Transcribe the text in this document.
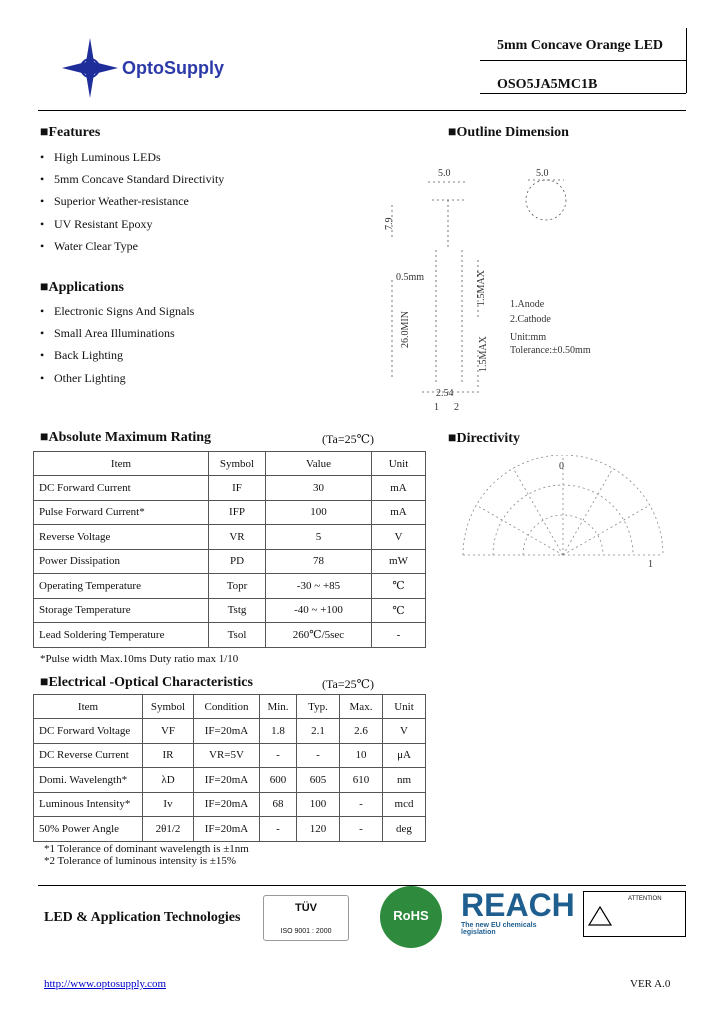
OptoSupply
5mm Concave Orange LED
OSO5JA5MC1B
■Features
• High Luminous LEDs
• 5mm Concave Standard Directivity
• Superior Weather-resistance
• UV Resistant Epoxy
• Water Clear Type
■Applications
• Electronic Signs And Signals
• Small Area Illuminations
• Back Lighting
• Other Lighting
■Outline Dimension
5.0	5.0
7.9
0.5mm	1.5MAX
26.0MIN
1.5MAX
2.54
1 2
1.Anode
2.Cathode
Unit:mm
Tolerance:±0.50mm
■Absolute Maximum Rating	(Ta=25℃)
Item	Symbol	Value	Unit
DC Forward Current	IF	30	mA
Pulse Forward Current*	IFP	100	mA
Reverse Voltage	VR	5	V
Power Dissipation	PD	78	mW
Operating Temperature	Topr	-30 ~ +85	℃
Storage Temperature	Tstg	-40 ~ +100	℃
Lead Soldering Temperature	Tsol	260℃/5sec	-
*Pulse width Max.10ms Duty ratio max 1/10
■Directivity
0
1
■Electrical -Optical Characteristics	(Ta=25℃)
Item	Symbol	Condition	Min.	Typ.	Max.	Unit
DC Forward Voltage	VF	IF=20mA	1.8	2.1	2.6	V
DC Reverse Current	IR	VR=5V	-	-	10	μA
Domi. Wavelength*	λD	IF=20mA	600	605	610	nm
Luminous Intensity*	Iv	IF=20mA	68	100	-	mcd
50% Power Angle	2θ1/2	IF=20mA	-	120	-	deg
*1 Tolerance of dominant wavelength is ±1nm
*2 Tolerance of luminous intensity is ±15%
LED & Application Technologies
TÜV
ISO 9001 : 2000
RoHS	REACH
The new EU chemicals legislation
ATTENTION
http://www.optosupply.com	VER A.0
